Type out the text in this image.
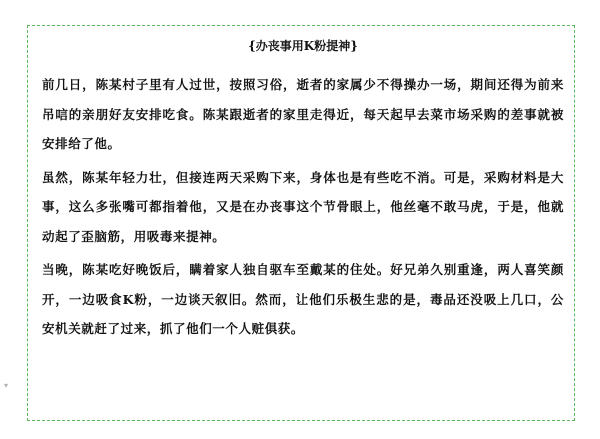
{办丧事用K粉提神}

前几日，陈某村子里有人过世，按照习俗，逝者的家属少不得操办一场，期间还得为前来吊唁的亲朋好友安排吃食。陈某跟逝者的家里走得近，每天起早去菜市场采购的差事就被安排给了他。

虽然，陈某年轻力壮，但接连两天采购下来，身体也是有些吃不消。可是，采购材料是大事，这么多张嘴可都指着他，又是在办丧事这个节骨眼上，他丝毫不敢马虎，于是，他就动起了歪脑筋，用吸毒来提神。

当晚，陈某吃好晚饭后，瞒着家人独自驱车至戴某的住处。好兄弟久别重逢，两人喜笑颜开，一边吸食K粉，一边谈天叙旧。然而，让他们乐极生悲的是，毒品还没吸上几口，公安机关就赶了过来，抓了他们一个人赃俱获。

▾
